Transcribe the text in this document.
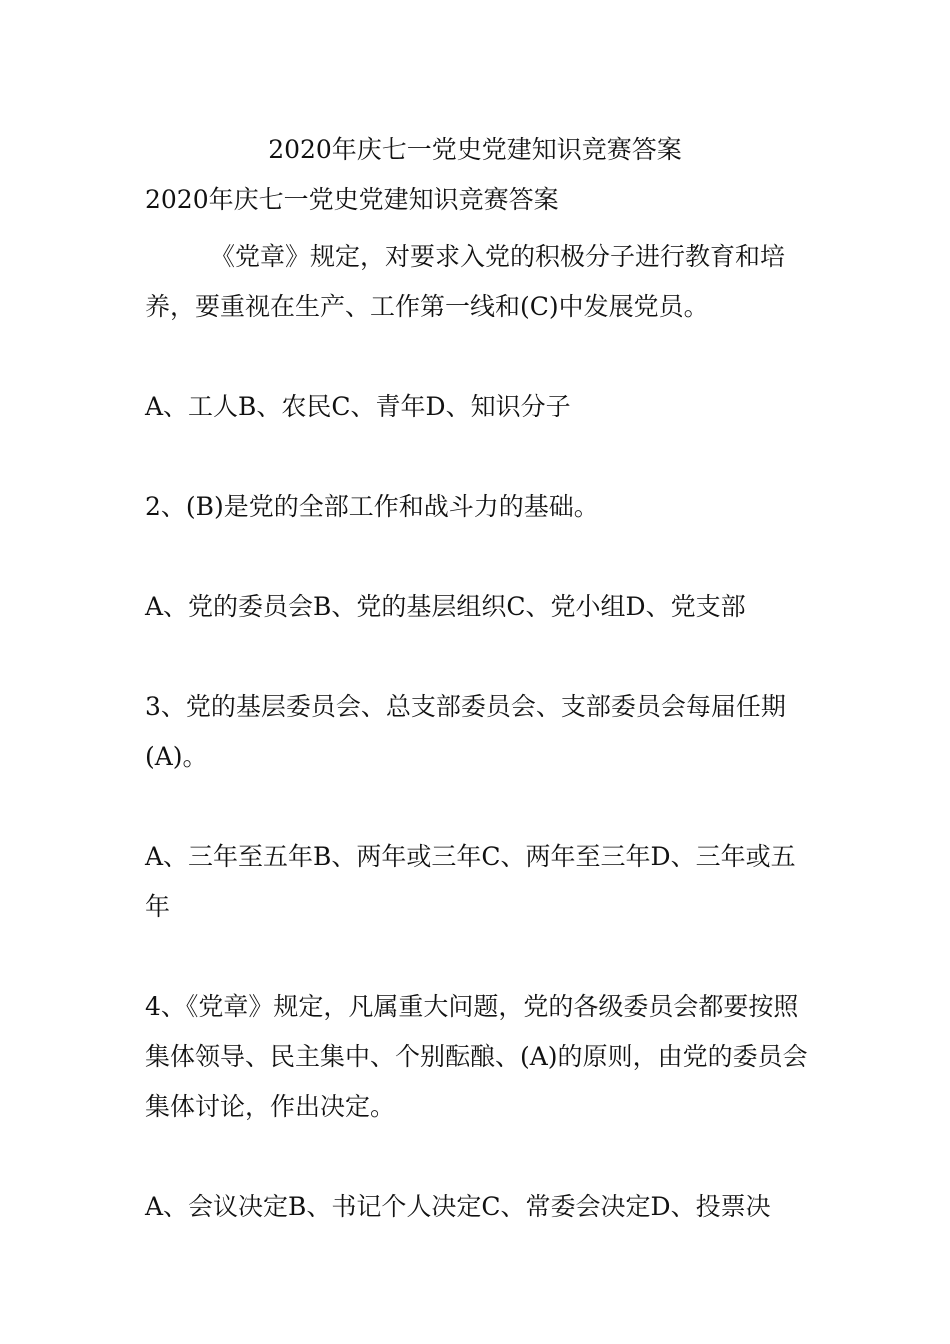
2020年庆七一党史党建知识竞赛答案

2020年庆七一党史党建知识竞赛答案

《党章》规定，对要求入党的积极分子进行教育和培养，要重视在生产、工作第一线和(C)中发展党员。

A、工人B、农民C、青年D、知识分子

2、(B)是党的全部工作和战斗力的基础。

A、党的委员会B、党的基层组织C、党小组D、党支部

3、党的基层委员会、总支部委员会、支部委员会每届任期(A)。

A、三年至五年B、两年或三年C、两年至三年D、三年或五年

4、《党章》规定，凡属重大问题，党的各级委员会都要按照集体领导、民主集中、个别酝酿、(A)的原则，由党的委员会集体讨论，作出决定。

A、会议决定B、书记个人决定C、常委会决定D、投票决
